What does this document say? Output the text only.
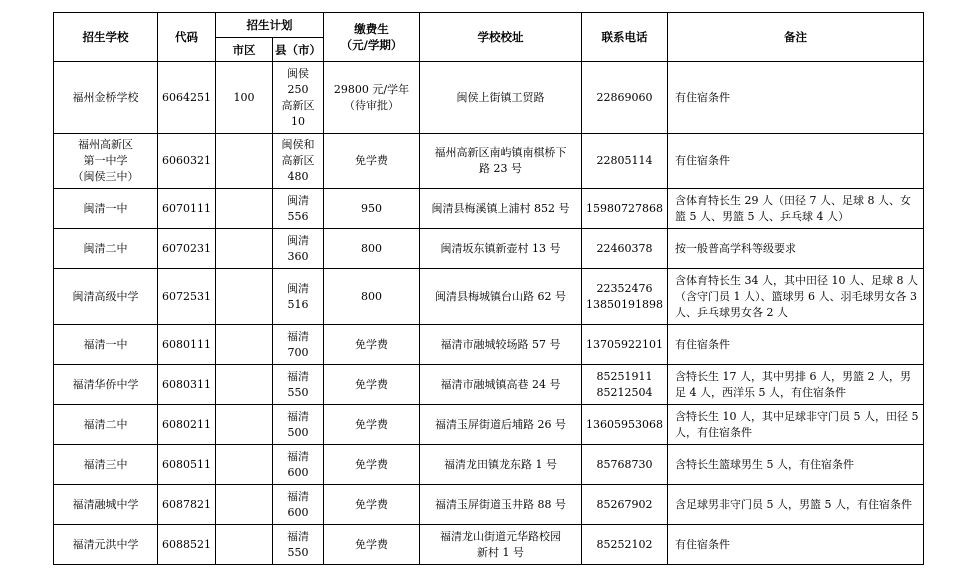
招生学校	代码	招生计划		缴费生
（元/学期）	学校校址	联系电话	备注
		市区	县（市）				
福州金桥学校	6064251	100	闽侯
250
高新区
10	29800 元/学年
（待审批）	闽侯上街镇工贸路	22869060	有住宿条件
福州高新区
第一中学
（闽侯三中）	6060321		闽侯和
高新区
480	免学费	福州高新区南屿镇南棋桥下
路 23 号	22805114	有住宿条件
闽清一中	6070111		闽清
556	950	闽清县梅溪镇上浦村 852 号	15980727868	含体育特长生 29 人（田径 7 人、足球 8 人、女篮 5 人、男篮 5 人、乒乓球 4 人）
闽清二中	6070231		闽清
360	800	闽清坂东镇新壶村 13 号	22460378	按一般普高学科等级要求
闽清高级中学	6072531		闽清
516	800	闽清县梅城镇台山路 62 号	22352476
13850191898	含体育特长生 34 人，其中田径 10 人、足球 8 人（含守门员 1 人）、篮球男 6 人、羽毛球男女各 3 人、乒乓球男女各 2 人
福清一中	6080111		福清
700	免学费	福清市融城较场路 57 号	13705922101	有住宿条件
福清华侨中学	6080311		福清
550	免学费	福清市融城镇高巷 24 号	85251911
85212504	含特长生 17 人，其中男排 6 人，男篮 2 人，男足 4 人，西洋乐 5 人，有住宿条件
福清二中	6080211		福清
500	免学费	福清玉屏街道后埔路 26 号	13605953068	含特长生 10 人，其中足球非守门员 5 人，田径 5 人，有住宿条件
福清三中	6080511		福清
600	免学费	福清龙田镇龙东路 1 号	85768730	含特长生篮球男生 5 人，有住宿条件
福清融城中学	6087821		福清
600	免学费	福清玉屏街道玉井路 88 号	85267902	含足球男非守门员 5 人，男篮 5 人，有住宿条件
福清元洪中学	6088521		福清
550	免学费	福清龙山街道元华路校园
新村 1 号	85252102	有住宿条件
